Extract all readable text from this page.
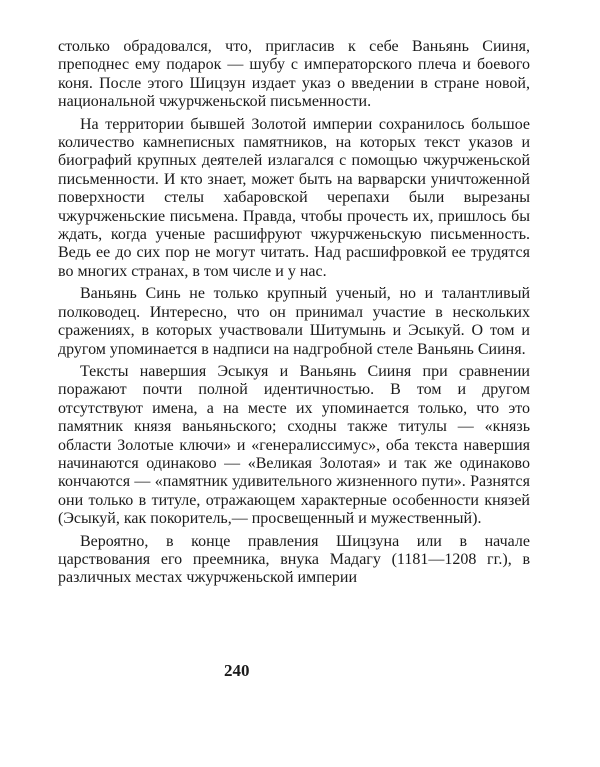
столько обрадовался, что, пригласив к себе Ваньянь Сииня, преподнес ему подарок — шубу с императорского плеча и боевого коня. После этого Шицзун издает указ о введении в стране новой, национальной чжурчженьской письменности.

На территории бывшей Золотой империи сохранилось большое количество камнеписных памятников, на которых текст указов и биографий крупных деятелей излагался с помощью чжурчженьской письменности. И кто знает, может быть на варварски уничтоженной поверхности стелы хабаровской черепахи были вырезаны чжурчженьские письмена. Правда, чтобы прочесть их, пришлось бы ждать, когда ученые расшифруют чжурчженьскую письменность. Ведь ее до сих пор не могут читать. Над расшифровкой ее трудятся во многих странах, в том числе и у нас.

Ваньянь Синь не только крупный ученый, но и талантливый полководец. Интересно, что он принимал участие в нескольких сражениях, в которых участвовали Шитумынь и Эсыкуй. О том и другом упоминается в надписи на надгробной стеле Ваньянь Сииня.

Тексты навершия Эсыкуя и Ваньянь Сииня при сравнении поражают почти полной идентичностью. В том и другом отсутствуют имена, а на месте их упоминается только, что это памятник князя ваньяньского; сходны также титулы — «князь области Золотые ключи» и «генералиссимус», оба текста навершия начинаются одинаково — «Великая Золотая» и так же одинаково кончаются — «памятник удивительного жизненного пути». Разнятся они только в титуле, отражающем характерные особенности князей (Эсыкуй, как покоритель,— просвещенный и мужественный).

Вероятно, в конце правления Шицзуна или в начале царствования его преемника, внука Мадагу (1181—1208 гг.), в различных местах чжурчженьской империи

240
